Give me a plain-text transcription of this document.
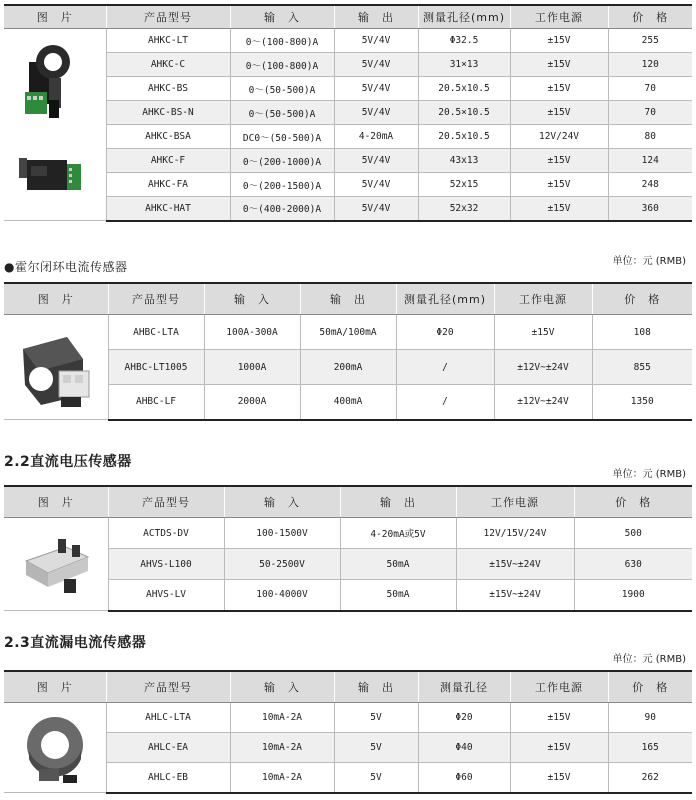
图　片	产品型号	输　入	输　出	测量孔径(mm)	工作电源	价　格

	AHKC-LT	0～(100-800)A	5V/4V	Φ32.5	±15V	255
	AHKC-C	0～(100-800)A	5V/4V	31×13	±15V	120
	AHKC-BS	0～(50-500)A	5V/4V	20.5x10.5	±15V	70
	AHKC-BS-N	0～(50-500)A	5V/4V	20.5×10.5	±15V	70
	AHKC-BSA	DC0～(50-500)A	4-20mA	20.5x10.5	12V/24V	80
	AHKC-F	0～(200-1000)A	5V/4V	43x13	±15V	124
	AHKC-FA	0～(200-1500)A	5V/4V	52x15	±15V	248
	AHKC-HAT	0～(400-2000)A	5V/4V	52x32	±15V	360
●霍尔闭环电流传感器	单位：元 (RMB)
图　片	产品型号	输　入	输　出	测量孔径(mm)	工作电源	价　格

	AHBC-LTA	100A-300A	50mA/100mA	Φ20	±15V	108
	AHBC-LT1005	1000A	200mA	/	±12V~±24V	855
	AHBC-LF	2000A	400mA	/	±12V~±24V	1350
2.2直流电压传感器
单位：元 (RMB)
图　片	产品型号	输　入	输　出	工作电源	价　格

	ACTDS-DV	100-1500V	4-20mA或5V	12V/15V/24V	500
	AHVS-L100	50-2500V	50mA	±15V~±24V	630
	AHVS-LV	100-4000V	50mA	±15V~±24V	1900
2.3直流漏电流传感器
单位：元 (RMB)
图　片	产品型号	输　入	输　出	测量孔径	工作电源	价　格

	AHLC-LTA	10mA-2A	5V	Φ20	±15V	90
	AHLC-EA	10mA-2A	5V	Φ40	±15V	165
	AHLC-EB	10mA-2A	5V	Φ60	±15V	262
